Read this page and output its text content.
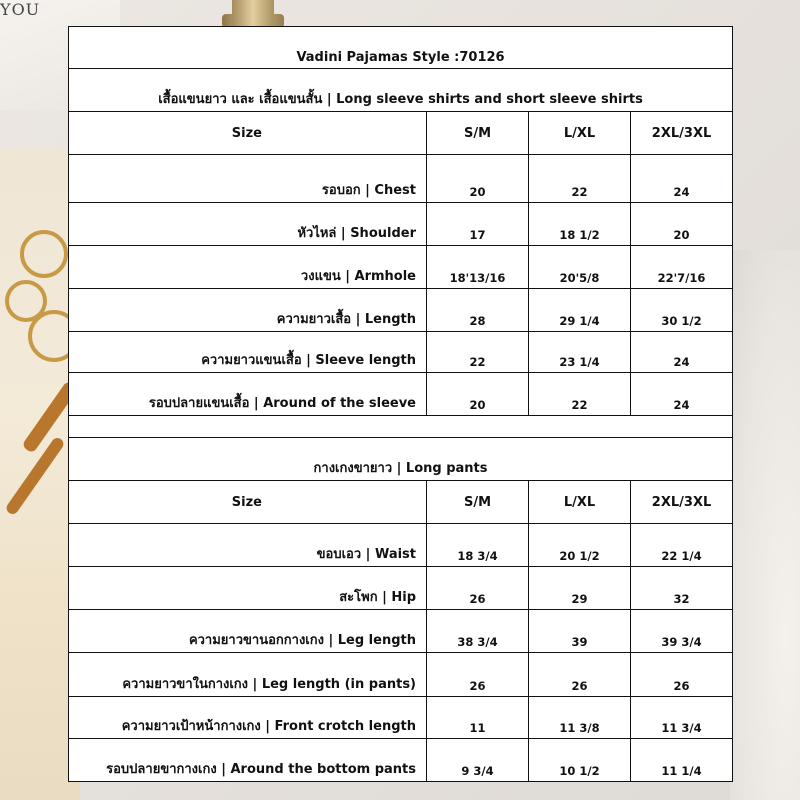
YOU
Vadini Pajamas Style :70126			
เสื้อแขนยาว และ เสื้อแขนสั้น | Long sleeve shirts and short sleeve shirts			
Size	S/M	L/XL	2XL/3XL
รอบอก | Chest	20	22	24
หัวไหล่ | Shoulder	17	18 1/2	20
วงแขน | Armhole	18'13/16	20'5/8	22'7/16
ความยาวเสื้อ | Length	28	29 1/4	30 1/2
ความยาวแขนเสื้อ | Sleeve length	22	23 1/4	24
รอบปลายแขนเสื้อ | Around of the sleeve	20	22	24

กางเกงขายาว | Long pants			
Size	S/M	L/XL	2XL/3XL
ขอบเอว | Waist	18 3/4	20 1/2	22 1/4
สะโพก | Hip	26	29	32
ความยาวขานอกกางเกง | Leg length	38 3/4	39	39 3/4
ความยาวขาในกางเกง | Leg length (in pants)	26	26	26
ความยาวเป้าหน้ากางเกง | Front crotch length	11	11 3/8	11 3/4
รอบปลายขากางเกง | Around the bottom pants	9 3/4	10 1/2	11 1/4
